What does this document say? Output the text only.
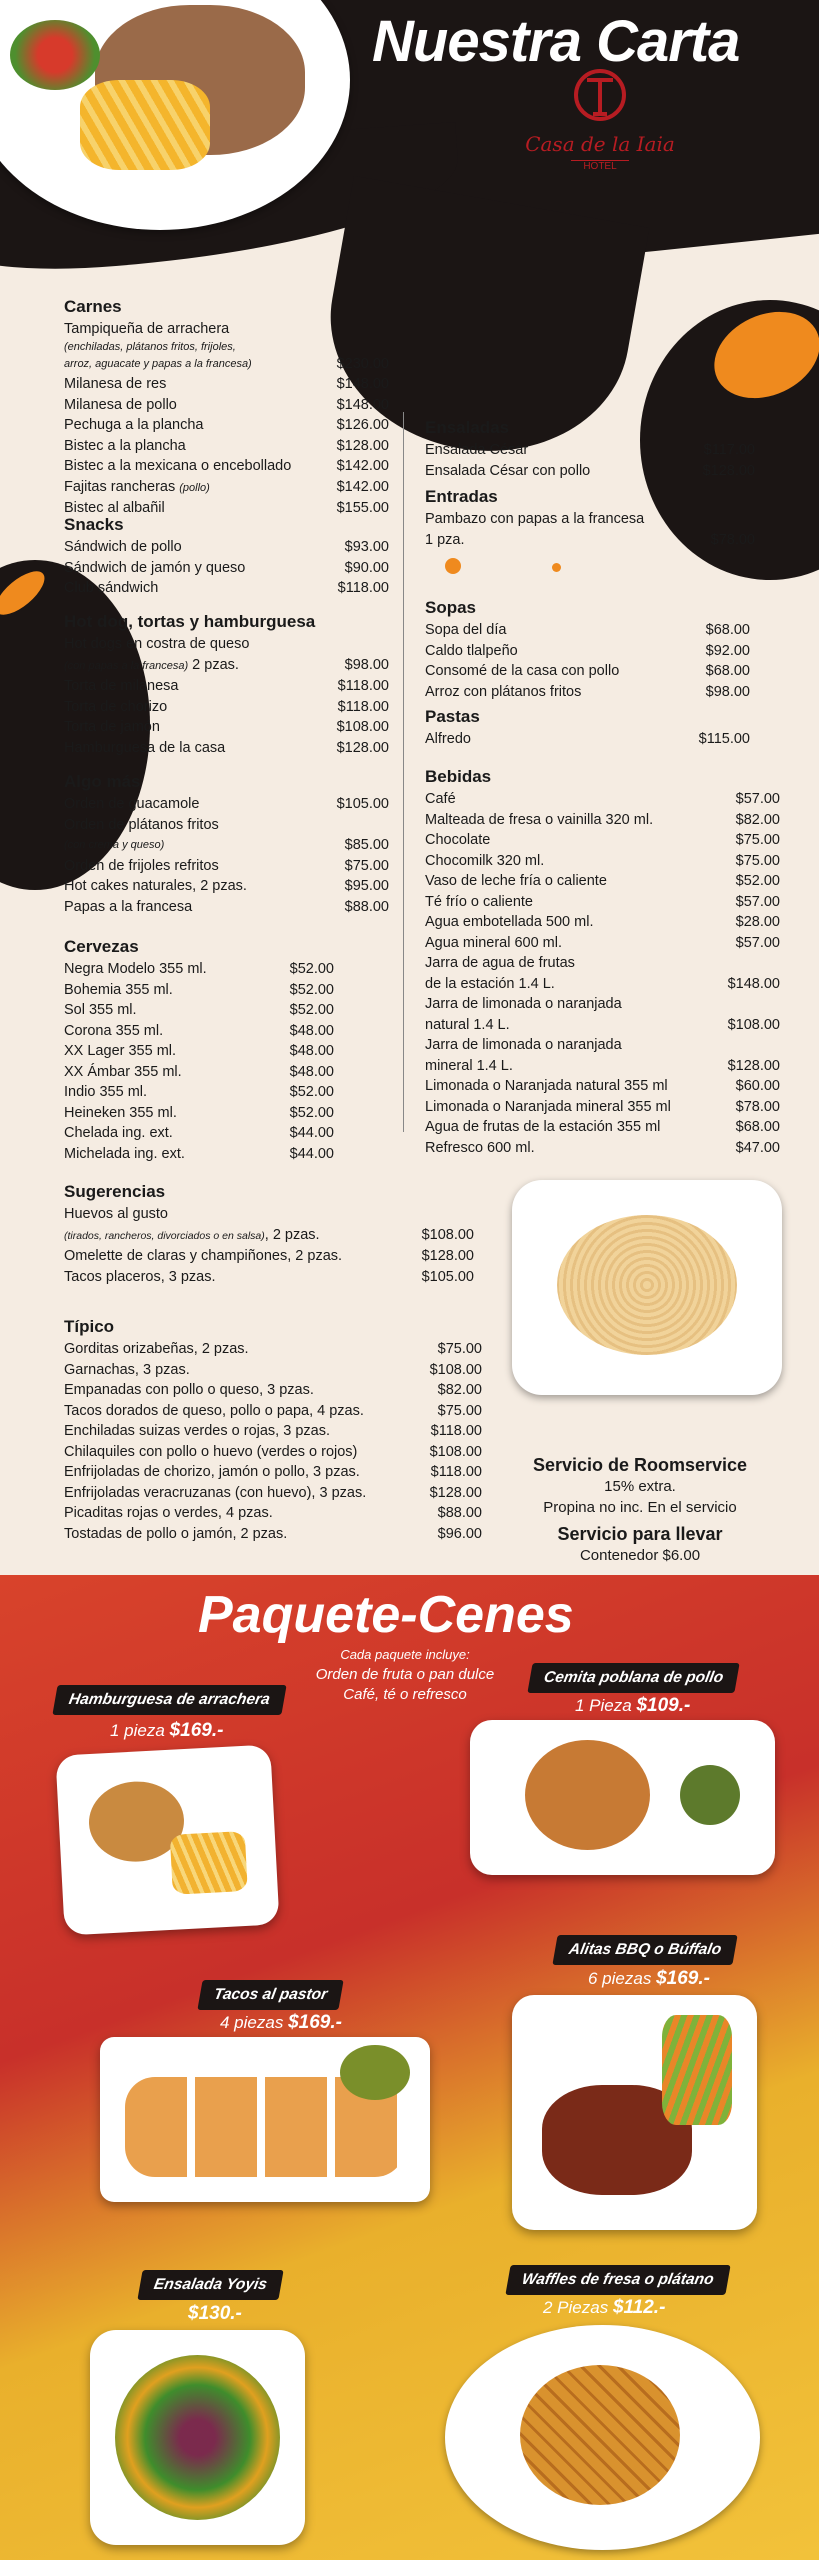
Nuestra Carta
Casa de la Iaia
HOTEL
Carnes
Tampiqueña de arrachera
(enchiladas, plátanos fritos, frijoles,
arroz, aguacate y papas a la francesa)	$230.00
Milanesa de res	$148.00
Milanesa de pollo	$148.00
Pechuga a la plancha	$126.00
Bistec a la plancha	$128.00
Bistec a la mexicana o encebollado	$142.00
Fajitas rancheras (pollo)	$142.00
Bistec al albañil	$155.00
Snacks
Sándwich de pollo	$93.00
Sándwich de jamón y queso	$90.00
Club sándwich	$118.00
Hot dog, tortas y hamburguesa
Hot dogs en costra de queso
(con papas a la francesa) 2 pzas.	$98.00
Torta de milanesa	$118.00
Torta de chorizo	$118.00
Torta de jamón	$108.00
Hamburguesa de la casa	$128.00
Algo más
Orden de guacamole	$105.00
Orden de plátanos fritos
(con crema y queso)	$85.00
Orden de frijoles refritos	$75.00
Hot cakes naturales, 2 pzas.	$95.00
Papas a la francesa	$88.00
Cervezas
Negra Modelo 355 ml.	$52.00
Bohemia 355 ml.	$52.00
Sol 355 ml.	$52.00
Corona 355 ml.	$48.00
XX Lager 355 ml.	$48.00
XX Ámbar 355 ml.	$48.00
Indio 355 ml.	$52.00
Heineken 355 ml.	$52.00
Chelada ing. ext.	$44.00
Michelada ing. ext.	$44.00
Ensaladas
Ensalada César	$117.00
Ensalada César con pollo	$128.00
Entradas
Pambazo con papas a la francesa
1 pza.	$78.00
Sopas
Sopa del día	$68.00
Caldo tlalpeño	$92.00
Consomé de la casa con pollo	$68.00
Arroz con plátanos fritos	$98.00
Pastas
Alfredo	$115.00
Bebidas
Café	$57.00
Malteada de fresa o vainilla 320 ml.	$82.00
Chocolate	$75.00
Chocomilk 320 ml.	$75.00
Vaso de leche fría o caliente	$52.00
Té frío o caliente	$57.00
Agua embotellada 500 ml.	$28.00
Agua mineral 600 ml.	$57.00
Jarra de agua de frutas
de la estación 1.4 L.	$148.00
Jarra de limonada o naranjada
natural 1.4 L.	$108.00
Jarra de limonada o naranjada
mineral 1.4 L.	$128.00
Limonada o Naranjada natural 355 ml	$60.00
Limonada o Naranjada mineral 355 ml	$78.00
Agua de frutas de la estación 355 ml	$68.00
Refresco 600 ml.	$47.00
Sugerencias
Huevos al gusto
(tirados, rancheros, divorciados o en salsa), 2 pzas.	$108.00
Omelette de claras y champiñones, 2 pzas.	$128.00
Tacos placeros, 3 pzas.	$105.00
Típico
Gorditas orizabeñas, 2 pzas.	$75.00
Garnachas, 3 pzas.	$108.00
Empanadas con pollo o queso, 3 pzas.	$82.00
Tacos dorados de queso, pollo o papa, 4 pzas.	$75.00
Enchiladas suizas verdes o rojas, 3 pzas.	$118.00
Chilaquiles con pollo o huevo (verdes o rojos)	$108.00
Enfrijoladas de chorizo, jamón o pollo, 3 pzas.	$118.00
Enfrijoladas veracruzanas (con huevo), 3 pzas.	$128.00
Picaditas rojas o verdes, 4 pzas.	$88.00
Tostadas de pollo o jamón, 2 pzas.	$96.00
Servicio de Roomservice
15% extra.
Propina no inc. En el servicio
Servicio para llevar
Contenedor $6.00
Paquete-Cenes
Cada paquete incluye:
Orden de fruta o pan dulce
Café, té o refresco
Hamburguesa de arrachera
1 pieza $169.-
Cemita poblana de pollo
1 Pieza $109.-
Alitas BBQ o Búffalo
6 piezas $169.-
Tacos al pastor
4 piezas $169.-
Ensalada Yoyis
$130.-
Waffles de fresa o plátano
2 Piezas $112.-
